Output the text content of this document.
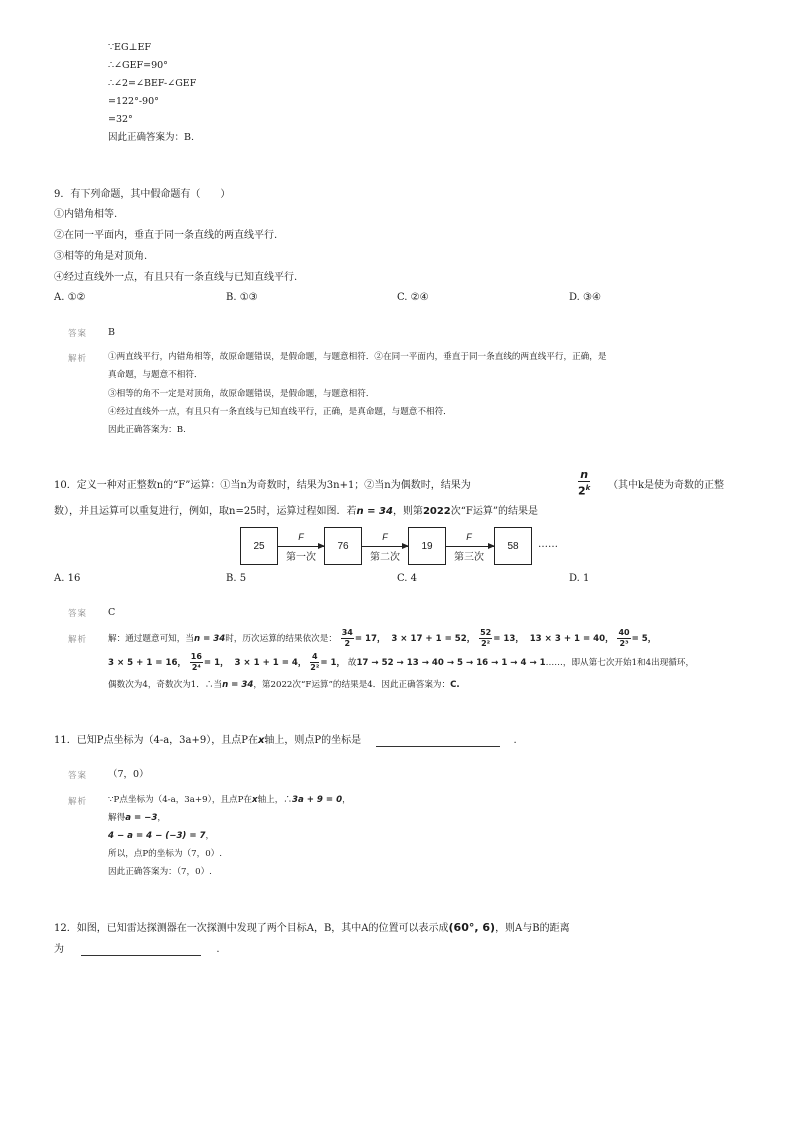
∵EG⊥EF
∴∠GEF=90°
∴∠2=∠BEF-∠GEF
=122°-90°
=32°
因此正确答案为：B.
9．有下列命题，其中假命题有（　　）
①内错角相等.
②在同一平面内，垂直于同一条直线的两直线平行.
③相等的角是对顶角.
④经过直线外一点，有且只有一条直线与已知直线平行.
A. ①②	B. ①③	C. ②④	D. ③④
答案 B
解析 ①两直线平行，内错角相等，故原命题错误，是假命题，与题意相符．②在同一平面内，垂直于同一条直线的两直线平行，正确，是
真命题，与题意不相符．
③相等的角不一定是对顶角，故原命题错误，是假命题，与题意相符．
④经过直线外一点，有且只有一条直线与已知直线平行，正确，是真命题，与题意不相符．
因此正确答案为：B.
10．定义一种对正整数n的“F”运算：①当n为奇数时，结果为3n+1；②当n为偶数时，结果为	$\frac{n}{2^k}$ （其中k是使为奇数的正整
数），并且运算可以重复进行，例如，取n=25时，运算过程如图．若n = 34，则第2022次“F运算”的结果是
25
F
第一次
76
F
第二次
19
F
第三次
58	……
A. 16	B. 5	C. 4	D. 1
答案 C
解析 解：通过题意可知，当n = 34时，历次运算的结果依次是： $\frac{34}{2} = 17$， 3 × 17 + 1 = 52， $\frac{52}{\text{2²}} = 13$， 13 × 3 + 1 = 40， $\frac{40}{\text{2³}} = 5$，
3 × 5 + 1 = 16， $\frac{16}{\text{2⁴}} = 1$， 3 × 1 + 1 = 4， $\frac{4}{\text{2²}} = 1$， 故17 → 52 → 13 → 40 → 5 → 16 → 1 → 4 → 1……，即从第七次开始1和4出现循环，
偶数次为4，奇数次为1．∴当n = 34，第2022次“F运算”的结果是4．因此正确答案为：C.
11．已知P点坐标为（4-a，3a+9），且点P在x轴上，则点P的坐标是	.
答案 （7，0）
解析 ∵P点坐标为（4-a，3a+9），且点P在x轴上，∴3a + 9 = 0，
解得a = −3，
4 − a = 4 − (−3) = 7，
所以，点P的坐标为（7，0）.
因此正确答案为：（7，0）.
12．如图，已知雷达探测器在一次探测中发现了两个目标A，B，其中A的位置可以表示成(60°, 6)，则A与B的距离
为	.
